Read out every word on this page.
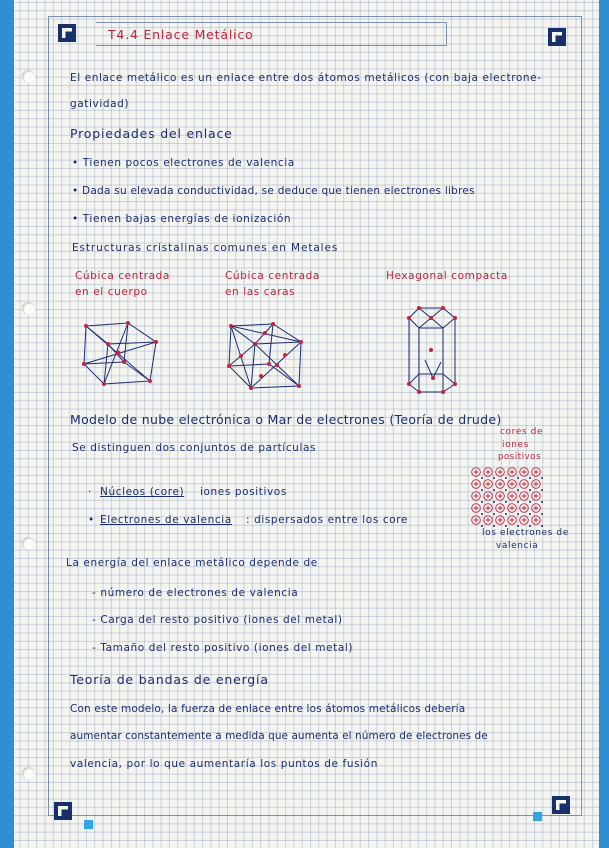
T4.4 Enlace Metálico
El enlace metálico es un enlace entre dos átomos metálicos (con baja electrone-
gatividad)
Propiedades del enlace
• Tienen pocos electrones de valencia
• Dada su elevada conductividad, se deduce que tienen electrones libres
• Tienen bajas energías de ionización
Estructuras cristalinas comunes en Metales
Cúbica centrada
en el cuerpo
Cúbica centrada
en las caras
Hexagonal compacta
Modelo de nube electrónica o Mar de electrones (Teoría de drude)
Se distinguen dos conjuntos de partículas
· Núcleos (core) iones positivos
• Electrones de valencia : dispersados entre los core
cores de
iones
positivos
los electrones de
valencia
La energía del enlace metálico depende de
- número de electrones de valencia
- Carga del resto positivo (iones del metal)
- Tamaño del resto positivo (iones del metal)
Teoría de bandas de energía
Con este modelo, la fuerza de enlace entre los átomos metálicos debería
aumentar constantemente a medida que aumenta el número de electrones de
valencia, por lo que aumentaría los puntos de fusión
